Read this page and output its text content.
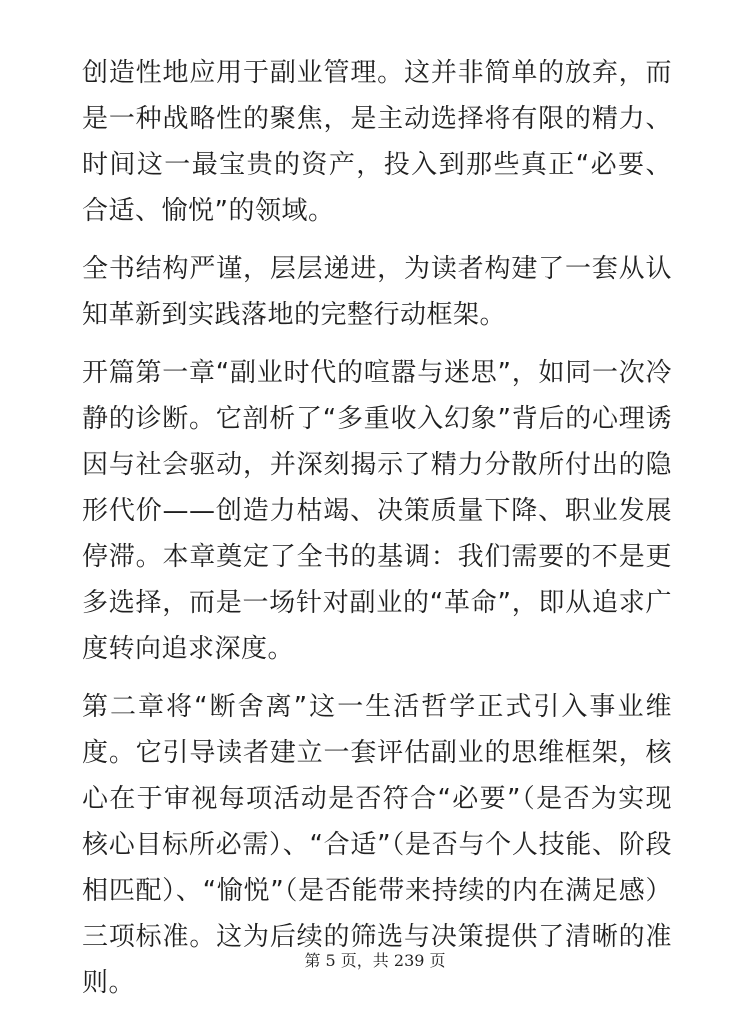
创造性地应用于副业管理。这并非简单的放弃，而是一种战略性的聚焦，是主动选择将有限的精力、时间这一最宝贵的资产，投入到那些真正“必要、合适、愉悦”的领域。

全书结构严谨，层层递进，为读者构建了一套从认知革新到实践落地的完整行动框架。

开篇第一章“副业时代的喧嚣与迷思”，如同一次冷静的诊断。它剖析了“多重收入幻象”背后的心理诱因与社会驱动，并深刻揭示了精力分散所付出的隐形代价——创造力枯竭、决策质量下降、职业发展停滞。本章奠定了全书的基调：我们需要的不是更多选择，而是一场针对副业的“革命”，即从追求广度转向追求深度。

第二章将“断舍离”这一生活哲学正式引入事业维度。它引导读者建立一套评估副业的思维框架，核心在于审视每项活动是否符合“必要”（是否为实现核心目标所必需）、“合适”（是否与个人技能、阶段相匹配）、“愉悦”（是否能带来持续的内在满足感）三项标准。这为后续的筛选与决策提供了清晰的准则。

第 5 页，共 239 页
